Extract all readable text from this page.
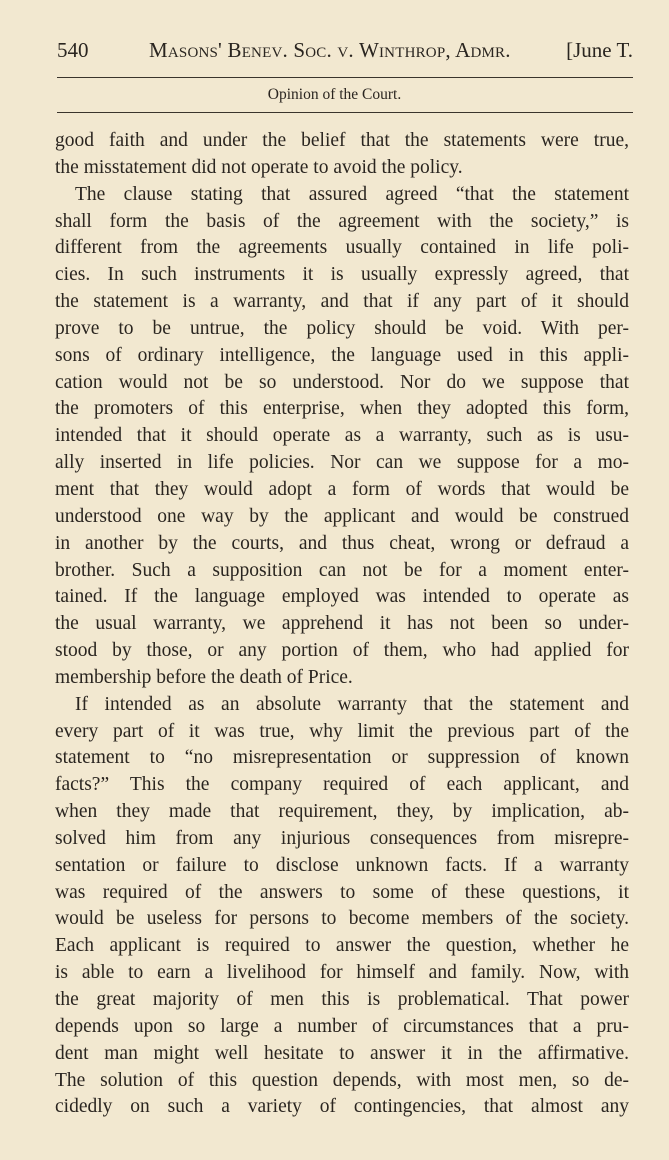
540	Masons' Benev. Soc. v. Winthrop, Admr.	[June T.
Opinion of the Court.
good faith and under the belief that the statements were true,
the misstatement did not operate to avoid the policy.
The clause stating that assured agreed “that the statement
shall form the basis of the agreement with the society,” is
different from the agreements usually contained in life poli-
cies. In such instruments it is usually expressly agreed, that
the statement is a warranty, and that if any part of it should
prove to be untrue, the policy should be void. With per-
sons of ordinary intelligence, the language used in this appli-
cation would not be so understood. Nor do we suppose that
the promoters of this enterprise, when they adopted this form,
intended that it should operate as a warranty, such as is usu-
ally inserted in life policies. Nor can we suppose for a mo-
ment that they would adopt a form of words that would be
understood one way by the applicant and would be construed
in another by the courts, and thus cheat, wrong or defraud a
brother. Such a supposition can not be for a moment enter-
tained. If the language employed was intended to operate as
the usual warranty, we apprehend it has not been so under-
stood by those, or any portion of them, who had applied for
membership before the death of Price.
If intended as an absolute warranty that the statement and
every part of it was true, why limit the previous part of the
statement to “no misrepresentation or suppression of known
facts?” This the company required of each applicant, and
when they made that requirement, they, by implication, ab-
solved him from any injurious consequences from misrepre-
sentation or failure to disclose unknown facts. If a warranty
was required of the answers to some of these questions, it
would be useless for persons to become members of the society.
Each applicant is required to answer the question, whether he
is able to earn a livelihood for himself and family. Now, with
the great majority of men this is problematical. That power
depends upon so large a number of circumstances that a pru-
dent man might well hesitate to answer it in the affirmative.
The solution of this question depends, with most men, so de-
cidedly on such a variety of contingencies, that almost any
